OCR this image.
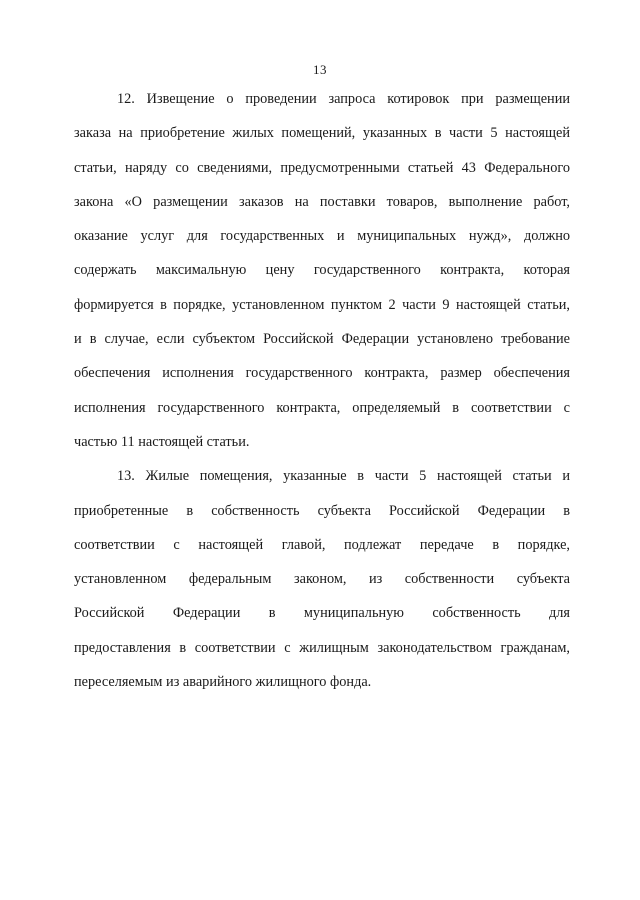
13

12. Извещение о проведении запроса котировок при размещении
заказа на приобретение жилых помещений, указанных в части 5 настоящей
статьи, наряду со сведениями, предусмотренными статьей 43 Федерального
закона «О размещении заказов на поставки товаров, выполнение работ,
оказание услуг для государственных и муниципальных нужд», должно
содержать максимальную цену государственного контракта, которая
формируется в порядке, установленном пунктом 2 части 9 настоящей статьи,
и в случае, если субъектом Российской Федерации установлено требование
обеспечения исполнения государственного контракта, размер обеспечения
исполнения государственного контракта, определяемый в соответствии с
частью 11 настоящей статьи.

13. Жилые помещения, указанные в части 5 настоящей статьи и
приобретенные в собственность субъекта Российской Федерации в
соответствии с настоящей главой, подлежат передаче в порядке,
установленном федеральным законом, из собственности субъекта
Российской Федерации в муниципальную собственность для
предоставления в соответствии с жилищным законодательством гражданам,
переселяемым из аварийного жилищного фонда.
